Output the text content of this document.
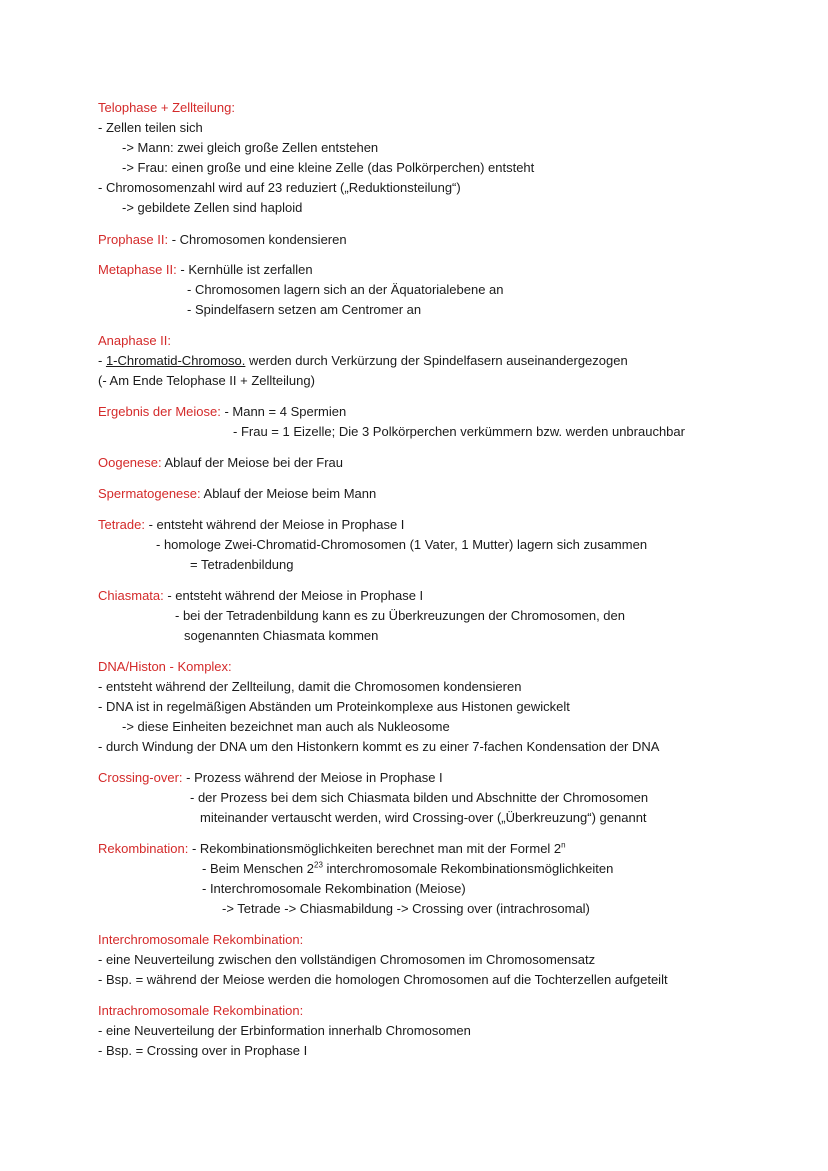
Telophase + Zellteilung:
- Zellen teilen sich
-> Mann: zwei gleich große Zellen entstehen
-> Frau: einen große und eine kleine Zelle (das Polkörperchen) entsteht
- Chromosomenzahl wird auf 23 reduziert („Reduktionsteilung“)
-> gebildete Zellen sind haploid
Prophase II: - Chromosomen kondensieren
Metaphase II: - Kernhülle ist zerfallen
- Chromosomen lagern sich an der Äquatorialebene an
- Spindelfasern setzen am Centromer an
Anaphase II:
- 1-Chromatid-Chromoso. werden durch Verkürzung der Spindelfasern auseinandergezogen
(- Am Ende Telophase II + Zellteilung)
Ergebnis der Meiose: - Mann = 4 Spermien
- Frau = 1 Eizelle; Die 3 Polkörperchen verkümmern bzw. werden unbrauchbar
Oogenese: Ablauf der Meiose bei der Frau
Spermatogenese: Ablauf der Meiose beim Mann
Tetrade: - entsteht während der Meiose in Prophase I
- homologe Zwei-Chromatid-Chromosomen (1 Vater, 1 Mutter) lagern sich zusammen
= Tetradenbildung
Chiasmata: - entsteht während der Meiose in Prophase I
- bei der Tetradenbildung kann es zu Überkreuzungen der Chromosomen, den
sogenannten Chiasmata kommen
DNA/Histon - Komplex:
- entsteht während der Zellteilung, damit die Chromosomen kondensieren
- DNA ist in regelmäßigen Abständen um Proteinkomplexe aus Histonen gewickelt
-> diese Einheiten bezeichnet man auch als Nukleosome
- durch Windung der DNA um den Histonkern kommt es zu einer 7-fachen Kondensation der DNA
Crossing-over: - Prozess während der Meiose in Prophase I
- der Prozess bei dem sich Chiasmata bilden und Abschnitte der Chromosomen
miteinander vertauscht werden, wird Crossing-over („Überkreuzung“) genannt
Rekombination: - Rekombinationsmöglichkeiten berechnet man mit der Formel 2$^n$
- Beim Menschen $2^{23}$ interchromosomale Rekombinationsmöglichkeiten
- Interchromosomale Rekombination (Meiose)
-> Tetrade -> Chiasmabildung -> Crossing over (intrachrosomal)
Interchromosomale Rekombination:
- eine Neuverteilung zwischen den vollständigen Chromosomen im Chromosomensatz
- Bsp. = während der Meiose werden die homologen Chromosomen auf die Tochterzellen aufgeteilt
Intrachromosomale Rekombination:
- eine Neuverteilung der Erbinformation innerhalb Chromosomen
- Bsp. = Crossing over in Prophase I
